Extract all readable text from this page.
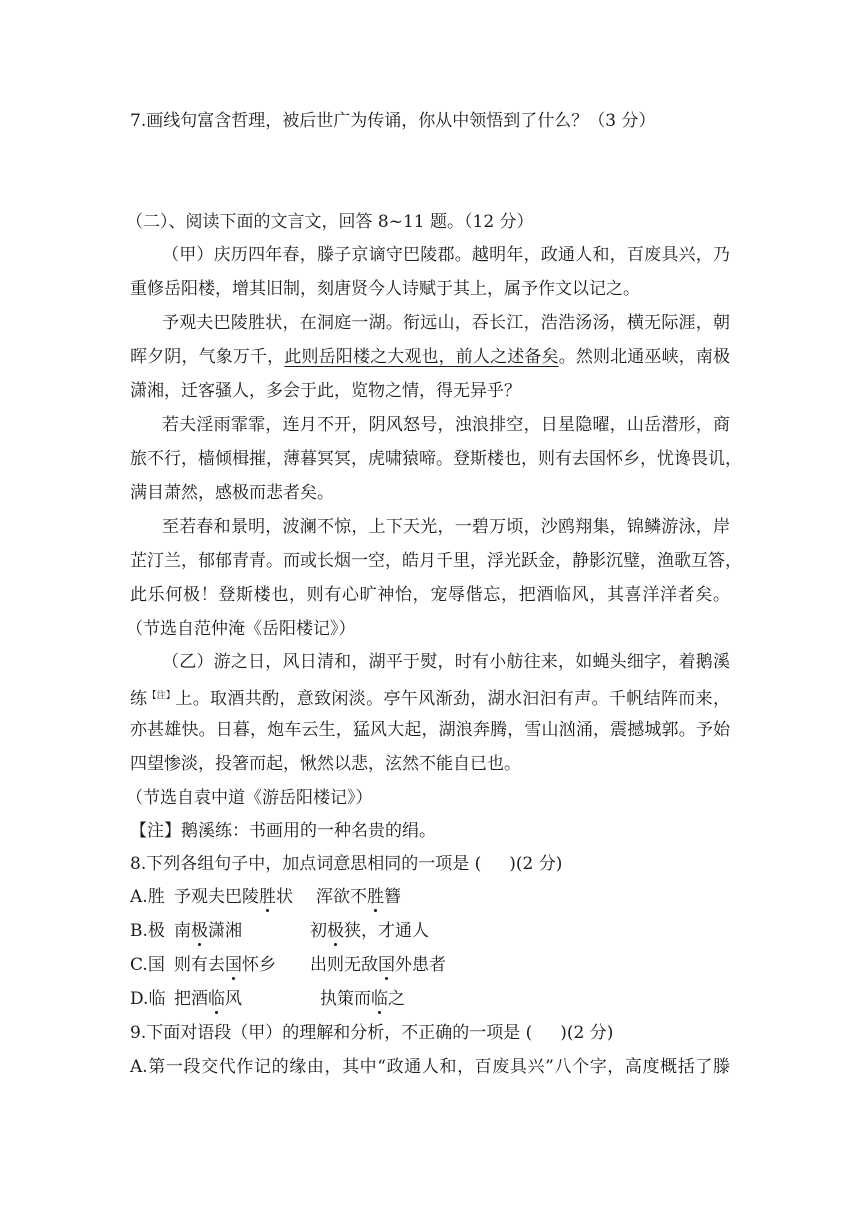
7.画线句富含哲理，被后世广为传诵，你从中领悟到了什么？（3 分）
（二）、阅读下面的文言文，回答 8~11 题。（12 分）
（甲）庆历四年春，滕子京谪守巴陵郡。越明年，政通人和，百废具兴，乃
重修岳阳楼，增其旧制，刻唐贤今人诗赋于其上，属予作文以记之。
予观夫巴陵胜状，在洞庭一湖。衔远山，吞长江，浩浩汤汤，横无际涯，朝
晖夕阴，气象万千，此则岳阳楼之大观也，前人之述备矣。然则北通巫峡，南极
潇湘，迁客骚人，多会于此，览物之情，得无异乎？
若夫淫雨霏霏，连月不开，阴风怒号，浊浪排空，日星隐曜，山岳潜形，商
旅不行，樯倾楫摧，薄暮冥冥，虎啸猿啼。登斯楼也，则有去国怀乡，忧谗畏讥，
满目萧然，感极而悲者矣。
至若春和景明，波澜不惊，上下天光，一碧万顷，沙鸥翔集，锦鳞游泳，岸
芷汀兰，郁郁青青。而或长烟一空，皓月千里，浮光跃金，静影沉璧，渔歌互答，
此乐何极！登斯楼也，则有心旷神怡，宠辱偕忘，把酒临风，其喜洋洋者矣。
（节选自范仲淹《岳阳楼记》）
（乙）游之日，风日清和，湖平于熨，时有小舫往来，如蝇头细字，着鹅溪
练$^{【注】}$上。取酒共酌，意致闲淡。亭午风渐劲，湖水汩汩有声。千帆结阵而来，
亦甚雄快。日暮，炮车云生，猛风大起，湖浪奔腾，雪山汹涌，震撼城郭。予始
四望惨淡，投箸而起，愀然以悲，泫然不能自已也。
（节选自袁中道《游岳阳楼记》）
【注】鹅溪练：书画用的一种名贵的绢。
8.下列各组句子中，加点词意思相同的一项是 ( )(2 分)
A.胜 予观夫巴陵胜状 浑欲不胜簪
B.极 南极潇湘	初极狭，才通人
C.国 则有去国怀乡 出则无敌国外患者
D.临 把酒临风	执策而临之
9.下面对语段（甲）的理解和分析，不正确的一项是 ( )(2 分)
A.第一段交代作记的缘由，其中“政通人和，百废具兴”八个字，高度概括了滕
